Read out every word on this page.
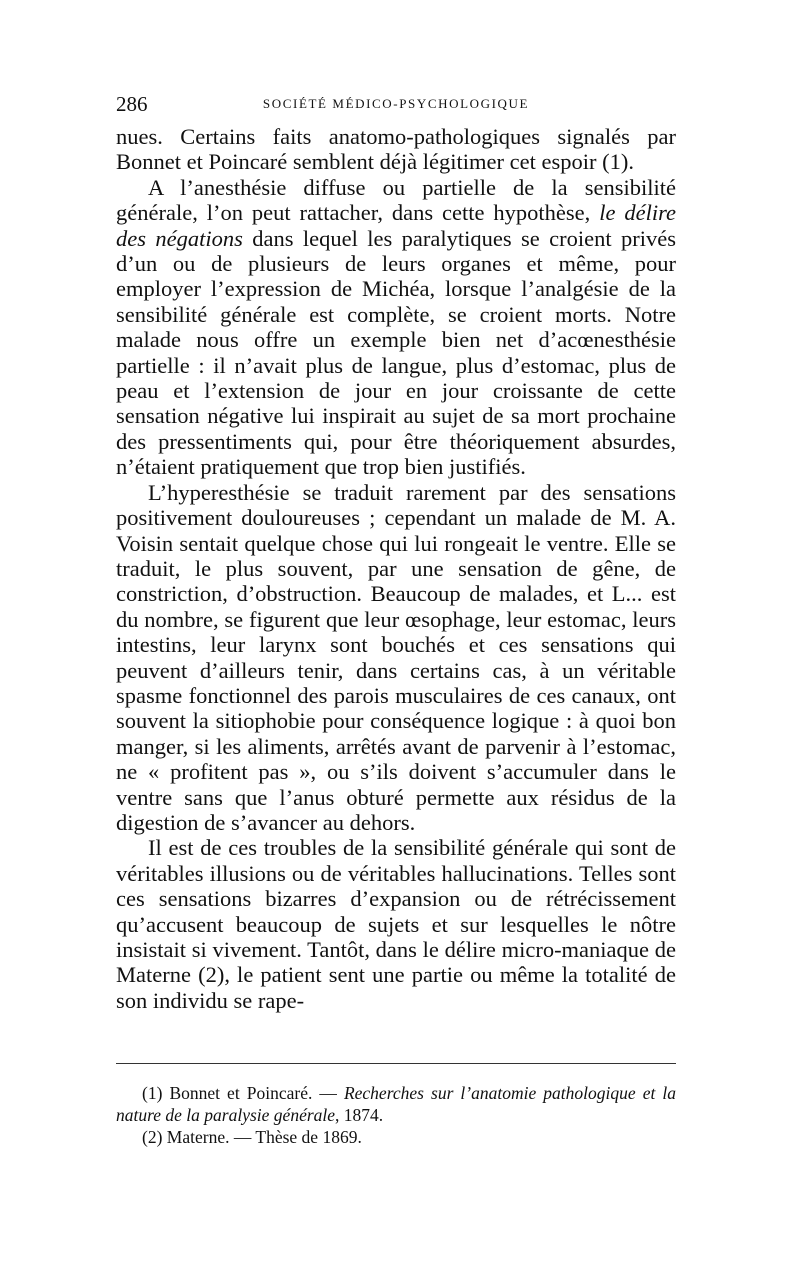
286	SOCIÉTÉ MÉDICO-PSYCHOLOGIQUE

nues. Certains faits anatomo-pathologiques signalés par Bonnet et Poincaré semblent déjà légitimer cet espoir (1).

A l’anesthésie diffuse ou partielle de la sensibilité générale, l’on peut rattacher, dans cette hypothèse, le délire des négations dans lequel les paralytiques se croient privés d’un ou de plusieurs de leurs organes et même, pour employer l’expression de Michéa, lorsque l’analgésie de la sensibilité générale est complète, se croient morts. Notre malade nous offre un exemple bien net d’acœnesthésie partielle : il n’avait plus de langue, plus d’estomac, plus de peau et l’extension de jour en jour croissante de cette sensation négative lui inspirait au sujet de sa mort prochaine des pressentiments qui, pour être théoriquement absurdes, n’étaient pratiquement que trop bien justifiés.

L’hyperesthésie se traduit rarement par des sensations positivement douloureuses ; cependant un malade de M. A. Voisin sentait quelque chose qui lui rongeait le ventre. Elle se traduit, le plus souvent, par une sensation de gêne, de constriction, d’obstruction. Beaucoup de malades, et L... est du nombre, se figurent que leur œsophage, leur estomac, leurs intestins, leur larynx sont bouchés et ces sensations qui peuvent d’ailleurs tenir, dans certains cas, à un véritable spasme fonctionnel des parois musculaires de ces canaux, ont souvent la sitiophobie pour conséquence logique : à quoi bon manger, si les aliments, arrêtés avant de parvenir à l’estomac, ne « profitent pas », ou s’ils doivent s’accumuler dans le ventre sans que l’anus obturé permette aux résidus de la digestion de s’avancer au dehors.

Il est de ces troubles de la sensibilité générale qui sont de véritables illusions ou de véritables hallucinations. Telles sont ces sensations bizarres d’expansion ou de rétrécissement qu’accusent beaucoup de sujets et sur lesquelles le nôtre insistait si vivement. Tantôt, dans le délire micro-maniaque de Materne (2), le patient sent une partie ou même la totalité de son individu se rape-

(1) Bonnet et Poincaré. — Recherches sur l’anatomie pathologique et la nature de la paralysie générale, 1874.

(2) Materne. — Thèse de 1869.
